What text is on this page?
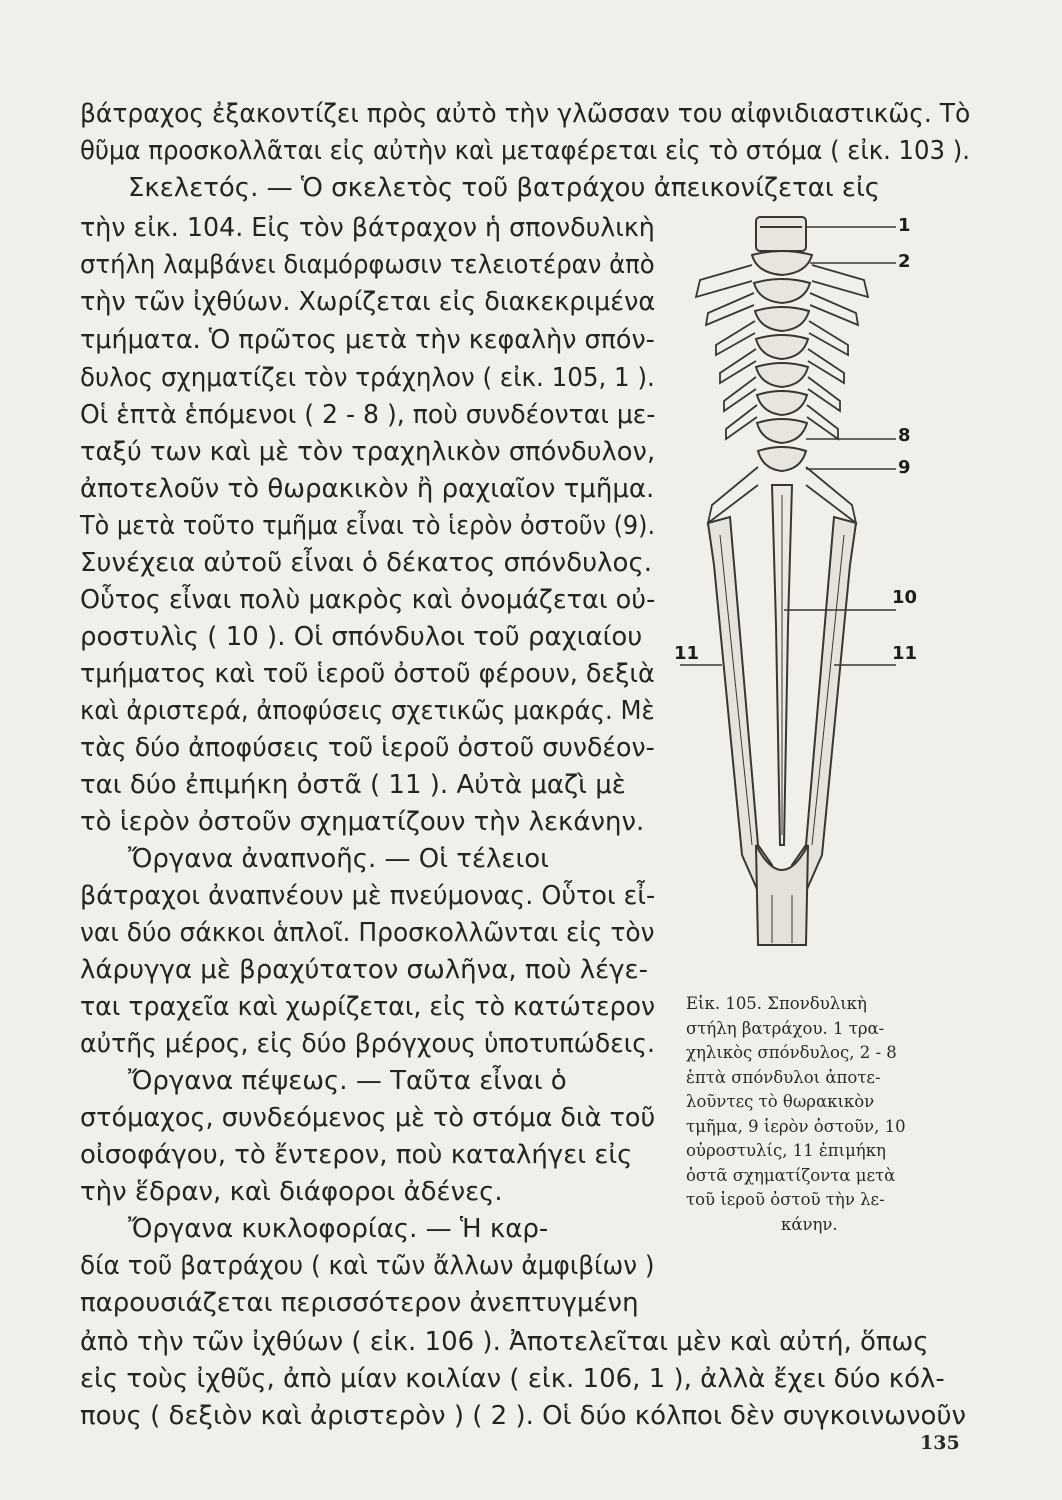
βάτραχος ἐξακοντίζει πρὸς αὐτὸ τὴν γλῶσσαν του αἰφνιδιαστικῶς. Τὸ

θῦμα προσκολλᾶται εἰς αὐτὴν καὶ μεταφέρεται εἰς τὸ στόμα ( εἰκ. 103 ).

Σκελετός. — Ὁ σκελετὸς τοῦ βατράχου ἀπεικονίζεται εἰς

τὴν εἰκ. 104. Εἰς τὸν βάτραχον ἡ σπονδυλικὴ

στήλη λαμβάνει διαμόρφωσιν τελειοτέραν ἀπὸ

τὴν τῶν ἰχθύων. Χωρίζεται εἰς διακεκριμένα

τμήματα. Ὁ πρῶτος μετὰ τὴν κεφαλὴν σπόν-

δυλος σχηματίζει τὸν τράχηλον ( εἰκ. 105, 1 ).

Οἱ ἑπτὰ ἑπόμενοι ( 2 - 8 ), ποὺ συνδέονται με-

ταξύ των καὶ μὲ τὸν τραχηλικὸν σπόνδυλον,

ἀποτελοῦν τὸ θωρακικὸν ἢ ραχιαῖον τμῆμα.

Τὸ μετὰ τοῦτο τμῆμα εἶναι τὸ ἱερὸν ὀστοῦν (9).

Συνέχεια αὐτοῦ εἶναι ὁ δέκατος σπόνδυλος.

Οὗτος εἶναι πολὺ μακρὸς καὶ ὀνομάζεται οὐ-

ροστυλὶς ( 10 ). Οἱ σπόνδυλοι τοῦ ραχιαίου

τμήματος καὶ τοῦ ἱεροῦ ὀστοῦ φέρουν, δεξιὰ

καὶ ἀριστερά, ἀποφύσεις σχετικῶς μακράς. Μὲ

τὰς δύο ἀποφύσεις τοῦ ἱεροῦ ὀστοῦ συνδέον-

ται δύο ἐπιμήκη ὀστᾶ ( 11 ). Αὐτὰ μαζὶ μὲ

τὸ ἱερὸν ὀστοῦν σχηματίζουν τὴν λεκάνην.

Ὄργανα ἀναπνοῆς. — Οἱ τέλειοι

βάτραχοι ἀναπνέουν μὲ πνεύμονας. Οὗτοι εἶ-

ναι δύο σάκκοι ἁπλοῖ. Προσκολλῶνται εἰς τὸν

λάρυγγα μὲ βραχύτατον σωλῆνα, ποὺ λέγε-

ται τραχεῖα καὶ χωρίζεται, εἰς τὸ κατώτερον

αὐτῆς μέρος, εἰς δύο βρόγχους ὑποτυπώδεις.

Ὄργανα πέψεως. — Ταῦτα εἶναι ὁ

στόμαχος, συνδεόμενος μὲ τὸ στόμα διὰ τοῦ

οἰσοφάγου, τὸ ἔντερον, ποὺ καταλήγει εἰς

τὴν ἕδραν, καὶ διάφοροι ἀδένες.

Ὄργανα κυκλοφορίας. — Ἡ καρ-

δία τοῦ βατράχου ( καὶ τῶν ἄλλων ἀμφιβίων )

παρουσιάζεται περισσότερον ἀνεπτυγμένη

ἀπὸ τὴν τῶν ἰχθύων ( εἰκ. 106 ). Ἀποτελεῖται μὲν καὶ αὐτή, ὅπως

εἰς τοὺς ἰχθῦς, ἀπὸ μίαν κοιλίαν ( εἰκ. 106, 1 ), ἀλλὰ ἔχει δύο κόλ-

πους ( δεξιὸν καὶ ἀριστερὸν ) ( 2 ). Οἱ δύο κόλποι δὲν συγκοινωνοῦν

1
2
8
9
10
11
11
Εἰκ. 105. Σπονδυλικὴ
στήλη βατράχου. 1 τρα-
χηλικὸς σπόνδυλος, 2 - 8
ἑπτὰ σπόνδυλοι ἀποτε-
λοῦντες τὸ θωρακικὸν
τμῆμα, 9 ἱερὸν ὀστοῦν, 10
οὐροστυλίς, 11 ἐπιμήκη
ὀστᾶ σχηματίζοντα μετὰ
τοῦ ἱεροῦ ὀστοῦ τὴν λε-
κάνην.
135
